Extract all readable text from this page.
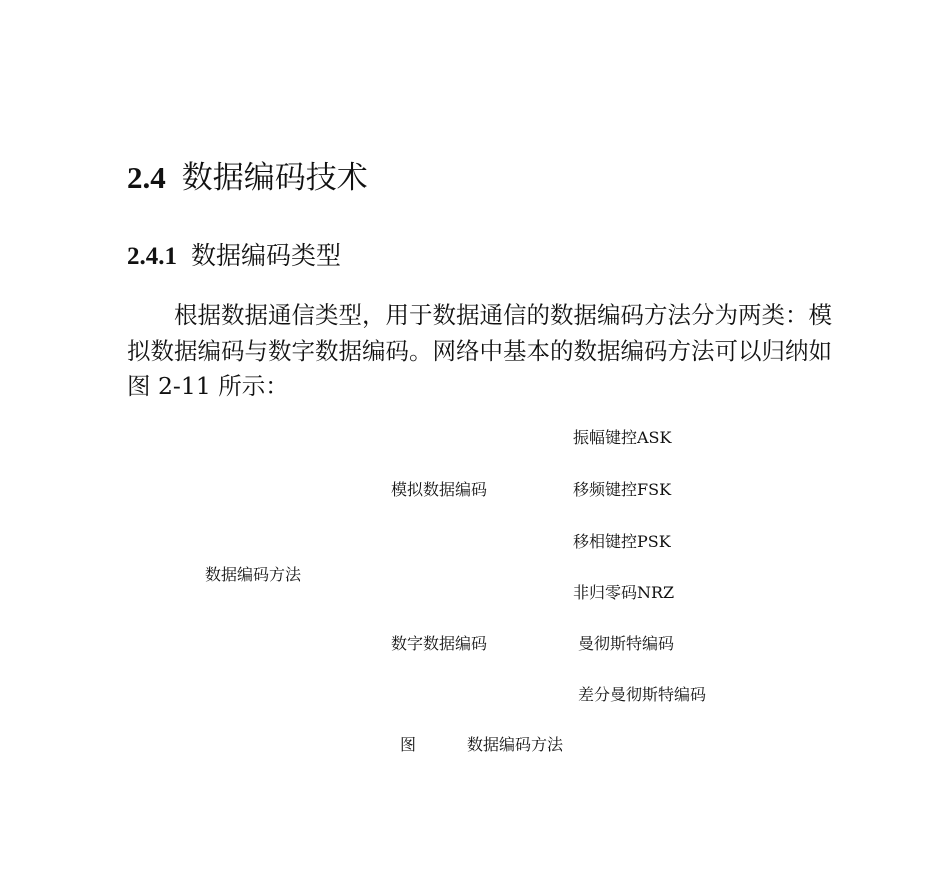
2.4 数据编码技术
2.4.1 数据编码类型
根据数据通信类型，用于数据通信的数据编码方法分为两类：模
拟数据编码与数字数据编码。网络中基本的数据编码方法可以归纳如
图 2-11 所示：
振幅键控ASK
模拟数据编码	移频键控FSK
移相键控PSK
数据编码方法
非归零码NRZ
数字数据编码	曼彻斯特编码
差分曼彻斯特编码
图	数据编码方法
